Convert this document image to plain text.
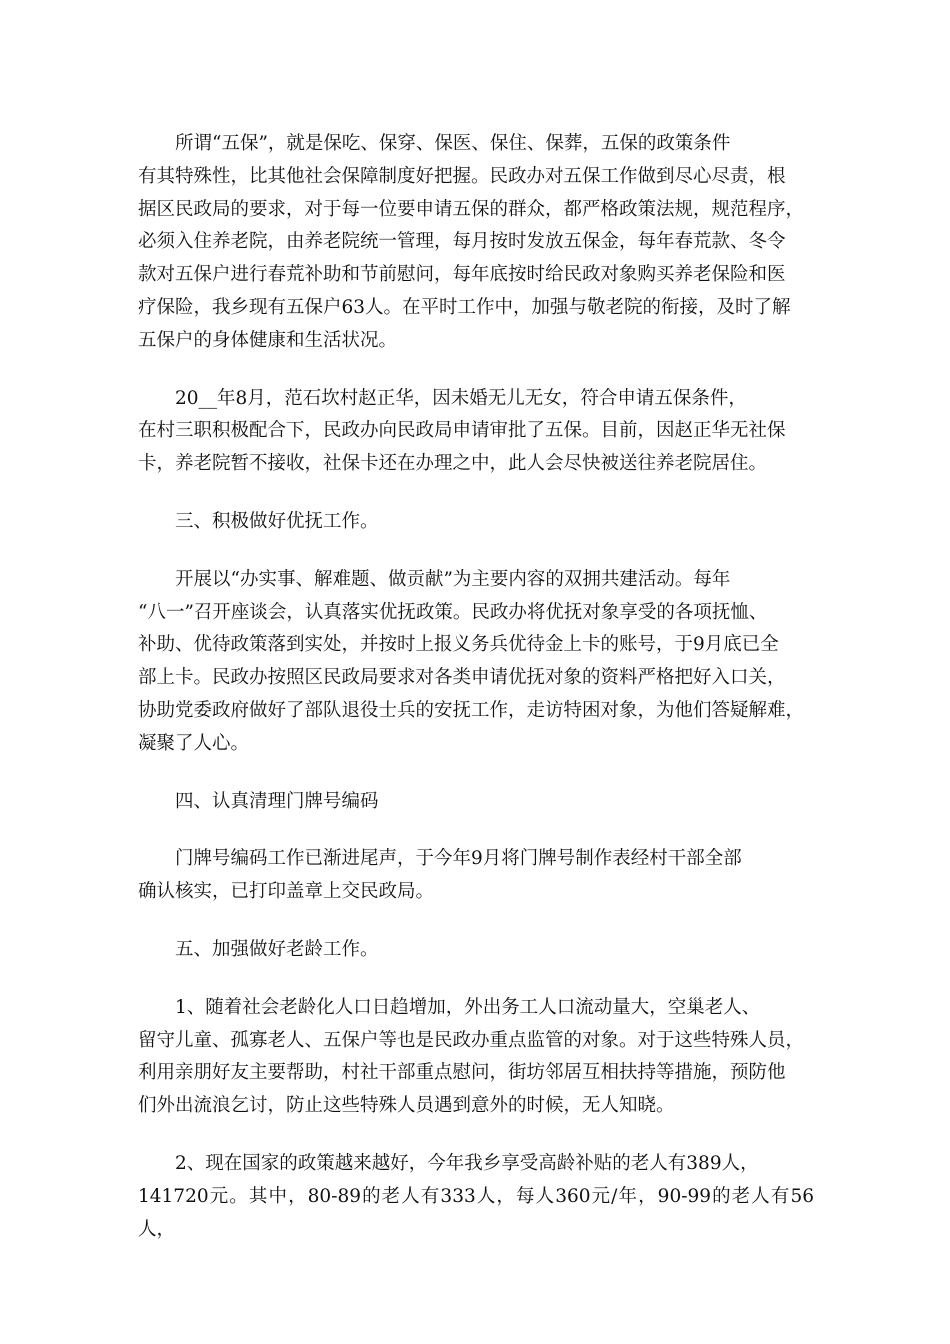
所谓“五保”，就是保吃、保穿、保医、保住、保葬，五保的政策条件
有其特殊性，比其他社会保障制度好把握。民政办对五保工作做到尽心尽责，根
据区民政局的要求，对于每一位要申请五保的群众，都严格政策法规，规范程序，
必须入住养老院，由养老院统一管理，每月按时发放五保金，每年春荒款、冬令
款对五保户进行春荒补助和节前慰问，每年底按时给民政对象购买养老保险和医
疗保险，我乡现有五保户63人。在平时工作中，加强与敬老院的衔接，及时了解
五保户的身体健康和生活状况。

20__年8月，范石坎村赵正华，因未婚无儿无女，符合申请五保条件，
在村三职积极配合下，民政办向民政局申请审批了五保。目前，因赵正华无社保
卡，养老院暂不接收，社保卡还在办理之中，此人会尽快被送往养老院居住。

三、积极做好优抚工作。

开展以“办实事、解难题、做贡献”为主要内容的双拥共建活动。每年
“八一”召开座谈会，认真落实优抚政策。民政办将优抚对象享受的各项抚恤、
补助、优待政策落到实处，并按时上报义务兵优待金上卡的账号，于9月底已全
部上卡。民政办按照区民政局要求对各类申请优抚对象的资料严格把好入口关，
协助党委政府做好了部队退役士兵的安抚工作，走访特困对象，为他们答疑解难，
凝聚了人心。

四、认真清理门牌号编码

门牌号编码工作已渐进尾声，于今年9月将门牌号制作表经村干部全部
确认核实，已打印盖章上交民政局。

五、加强做好老龄工作。

1、随着社会老龄化人口日趋增加，外出务工人口流动量大，空巢老人、
留守儿童、孤寡老人、五保户等也是民政办重点监管的对象。对于这些特殊人员，
利用亲朋好友主要帮助，村社干部重点慰问，街坊邻居互相扶持等措施，预防他
们外出流浪乞讨，防止这些特殊人员遇到意外的时候，无人知晓。

2、现在国家的政策越来越好，今年我乡享受高龄补贴的老人有389人，
141720元。其中，80-89的老人有333人，每人360元/年，90-99的老人有56人，
